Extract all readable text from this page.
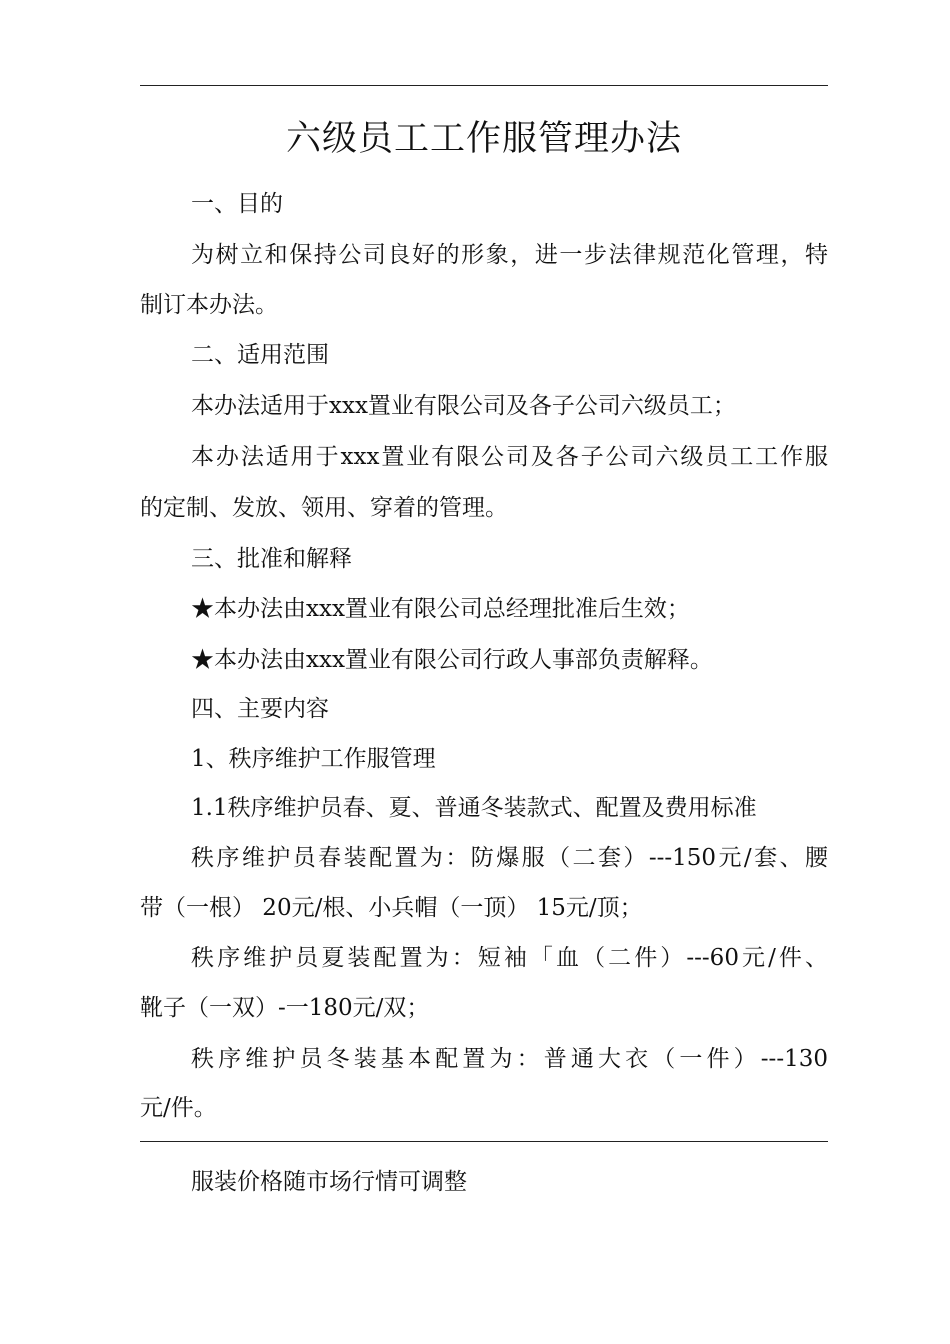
六级员工工作服管理办法
一、目的
为树立和保持公司良好的形象，进一步法律规范化管理，特
制订本办法。
二、适用范围
本办法适用于xxx置业有限公司及各子公司六级员工；
本办法适用于xxx置业有限公司及各子公司六级员工工作服
的定制、发放、领用、穿着的管理。
三、批准和解释
★本办法由xxx置业有限公司总经理批准后生效；
★本办法由xxx置业有限公司行政人事部负责解释。
四、主要内容
1、秩序维护工作服管理
1.1秩序维护员春、夏、普通冬装款式、配置及费用标准
秩序维护员春装配置为：防爆服（二套）---150元/套、腰
带（一根） 20元/根、小兵帽（一顶） 15元/顶；
秩序维护员夏装配置为：短袖「血（二件）---60元/件、
靴子（一双）-一180元/双；
秩序维护员冬装基本配置为：普通大衣（一件）---130
元/件。
服装价格随市场行情可调整
